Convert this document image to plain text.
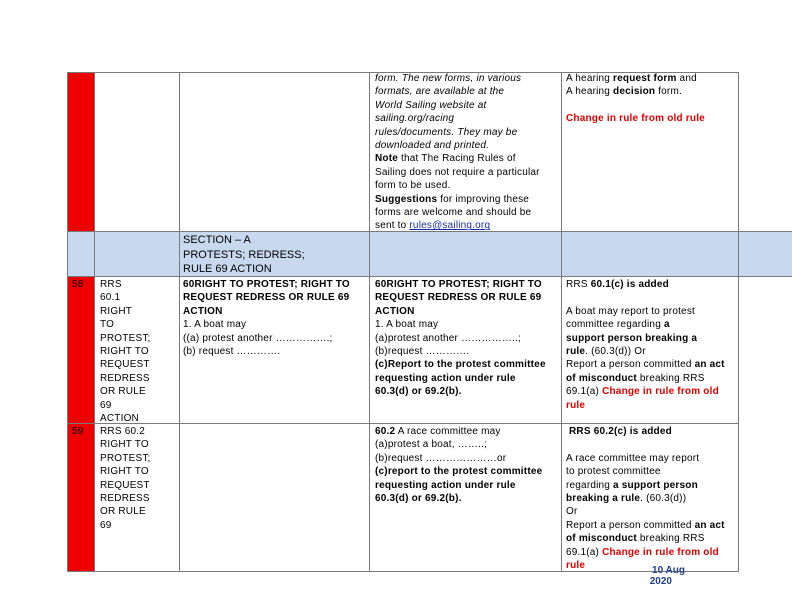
form. The new forms, in various
formats, are available at the
World Sailing website at
sailing.org/racing
rules/documents. They may be
downloaded and printed.
Note that The Racing Rules of
Sailing does not require a particular
form to be used.
Suggestions for improving these
forms are welcome and should be
sent to rules@sailing.org
A hearing request form and
A hearing decision form.
Change in rule from old rule
SECTION – A
PROTESTS; REDRESS;
RULE 69 ACTION
58 RRS
60.1
RIGHT
TO
PROTEST;
RIGHT TO
REQUEST
REDRESS
OR RULE
69
ACTION
60RIGHT TO PROTEST; RIGHT TO
REQUEST REDRESS OR RULE 69
ACTION
1. A boat may
((a) protest another …………….;
(b) request ………….
60RIGHT TO PROTEST; RIGHT TO
REQUEST REDRESS OR RULE 69
ACTION
1. A boat may
(a)protest another ……………..;
(b)request ………….
(c)Report to the protest committee
requesting action under rule
60.3(d) or 69.2(b).
RRS 60.1(c) is added
A boat may report to protest
committee regarding a
support person breaking a
rule. (60.3(d)) Or
Report a person committed an act
of misconduct breaking RRS
69.1(a) Change in rule from old
rule
59 RRS 60.2
RIGHT TO
PROTEST;
RIGHT TO
REQUEST
REDRESS
OR RULE
69
60.2 A race committee may
(a)protest a boat, ……..;
(b)request …………………or
(c)report to the protest committee
requesting action under rule
60.3(d) or 69.2(b).
RRS 60.2(c) is added
A race committee may report
to protest committee
regarding a support person
breaking a rule. (60.3(d))
Or
Report a person committed an act
of misconduct breaking RRS
69.1(a) Change in rule from old
rule	10 Aug
2020
